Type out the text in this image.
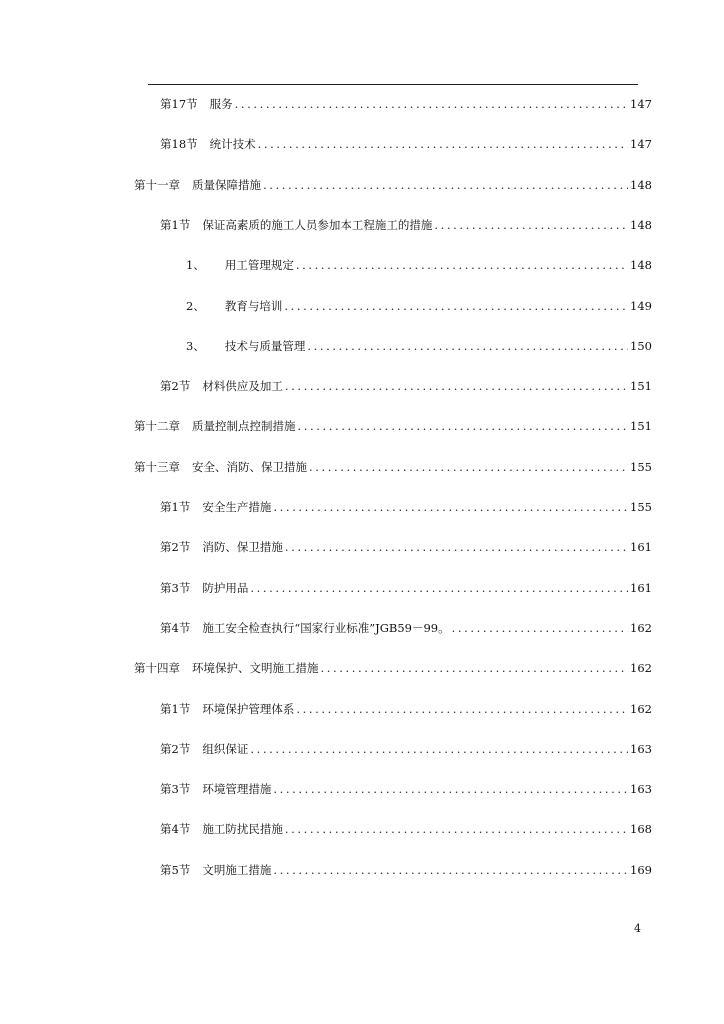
第17节 服务 .....	147
第18节 统计技术 .....	147
第十一章 质量保障措施 .....	148
第1节 保证高素质的施工人员参加本工程施工的措施 .....	148
1、 用工管理规定 .....	148
2、 教育与培训 .....	149
3、 技术与质量管理 .....	150
第2节 材料供应及加工 .....	151
第十二章 质量控制点控制措施 .....	151
第十三章 安全、消防、保卫措施 .....	155
第1节 安全生产措施 .....	155
第2节 消防、保卫措施 .....	161
第3节 防护用品 .....	161
第4节 施工安全检查执行“国家行业标准”JGB59－99。 .....	162
第十四章 环境保护、文明施工措施 .....	162
第1节 环境保护管理体系 .....	162
第2节 组织保证 .....	163
第3节 环境管理措施 .....	163
第4节 施工防扰民措施 .....	168
第5节 文明施工措施 .....	169
4
